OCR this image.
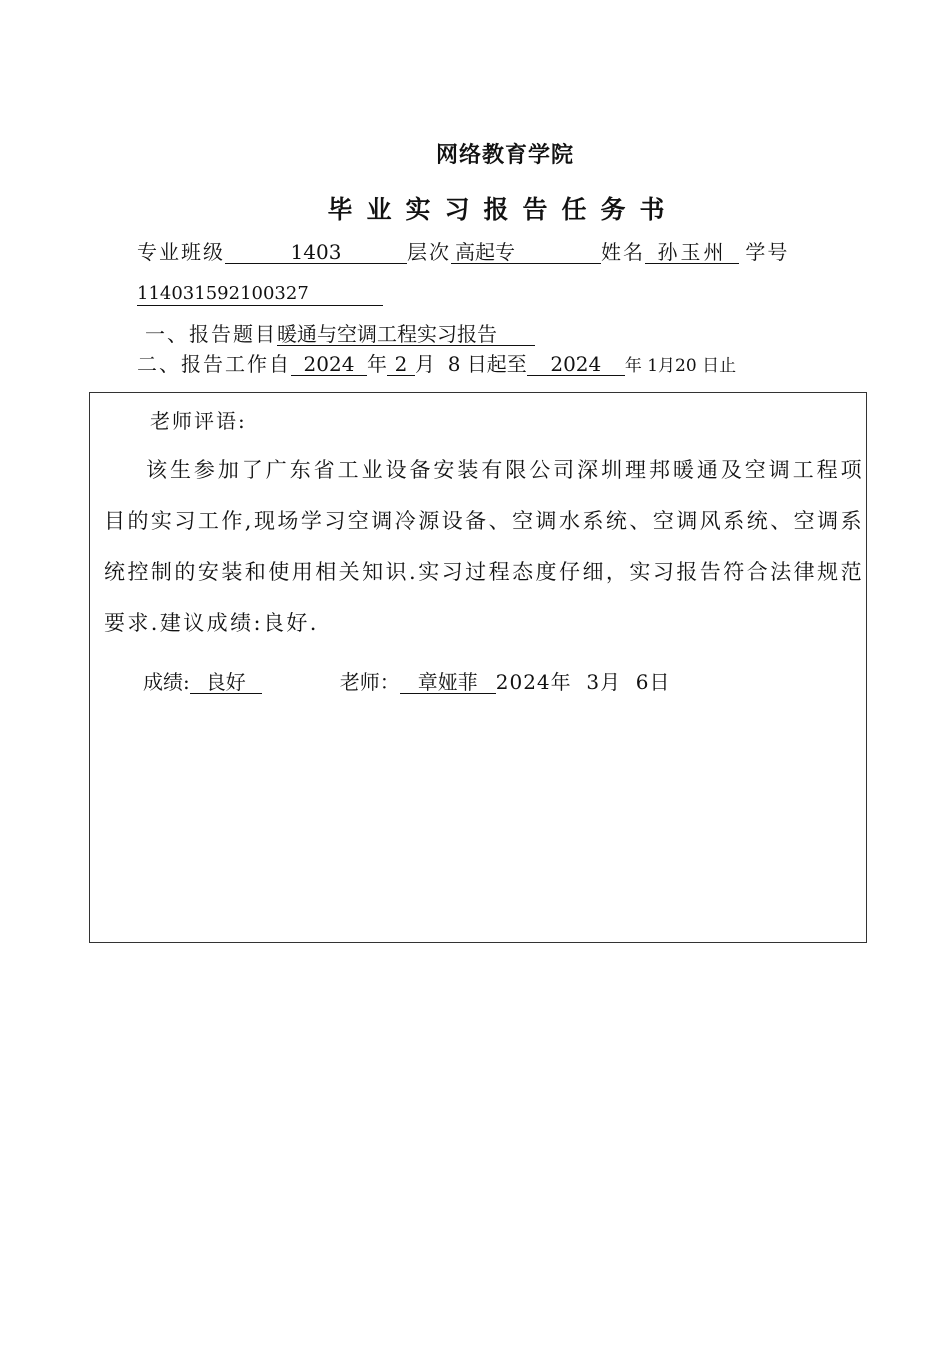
网络教育学院
毕业实习报告任务书
专业班级	1403	层次 高起专	姓名 孙玉州 学号
114031592100327
一、报告题目暖通与空调工程实习报告
二、报告工作自 2024 年 2 月 8 日起至 2024 年 1月20 日止
老师评语:
该生参加了广东省工业设备安装有限公司深圳理邦暖通及空调工程项目的实习工作,现场学习空调冷源设备、空调水系统、空调风系统、空调系统控制的安装和使用相关知识.实习过程态度仔细，实习报告符合法律规范要求.建议成绩:良好.
成绩: 良好	老师： 章娅菲 2024年  3月  6日
